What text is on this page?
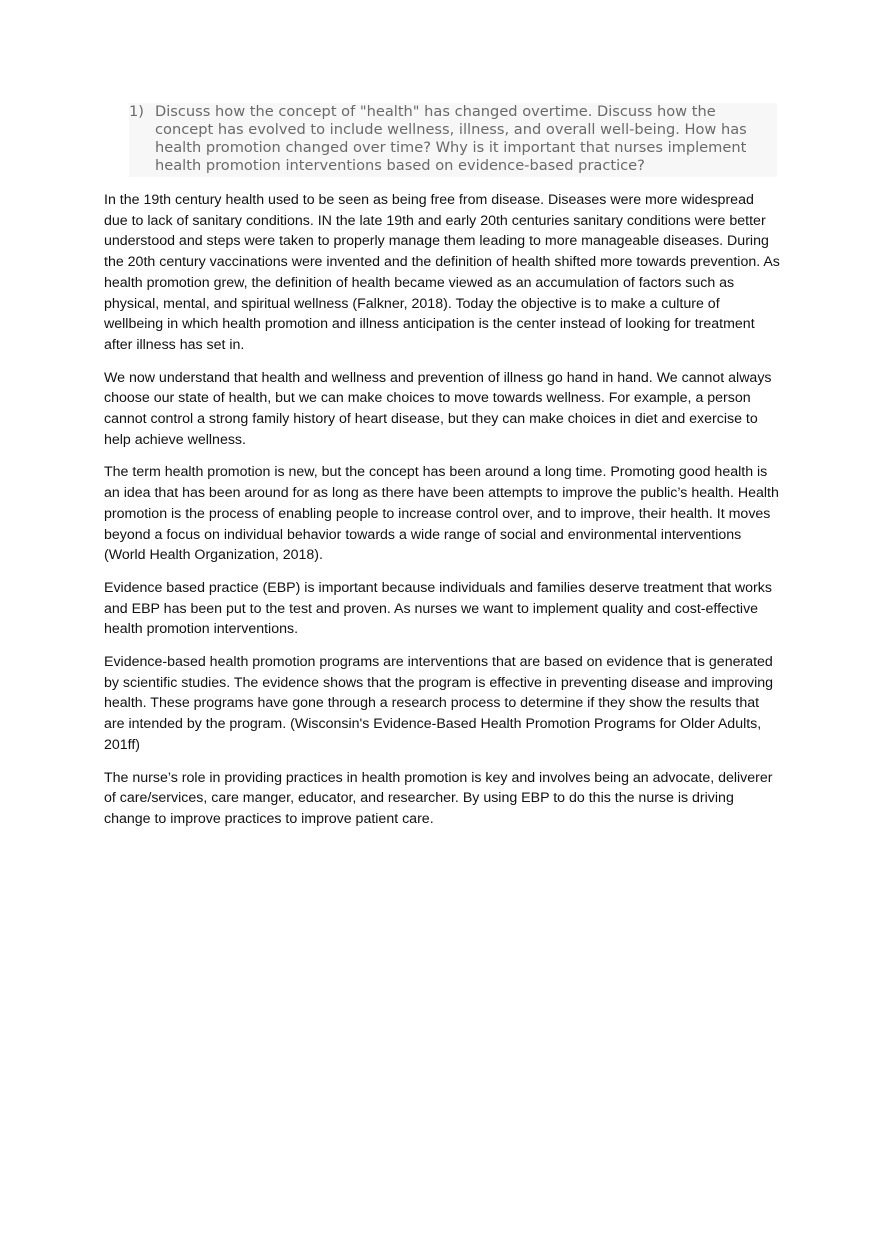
1) Discuss how the concept of "health" has changed overtime. Discuss how the concept has evolved to include wellness, illness, and overall well-being. How has health promotion changed over time? Why is it important that nurses implement health promotion interventions based on evidence-based practice?

In the 19th century health used to be seen as being free from disease. Diseases were more widespread due to lack of sanitary conditions. IN the late 19th and early 20th centuries sanitary conditions were better understood and steps were taken to properly manage them leading to more manageable diseases. During the 20th century vaccinations were invented and the definition of health shifted more towards prevention. As health promotion grew, the definition of health became viewed as an accumulation of factors such as physical, mental, and spiritual wellness (Falkner, 2018). Today the objective is to make a culture of wellbeing in which health promotion and illness anticipation is the center instead of looking for treatment after illness has set in.

We now understand that health and wellness and prevention of illness go hand in hand. We cannot always choose our state of health, but we can make choices to move towards wellness. For example, a person cannot control a strong family history of heart disease, but they can make choices in diet and exercise to help achieve wellness.

The term health promotion is new, but the concept has been around a long time. Promoting good health is an idea that has been around for as long as there have been attempts to improve the public’s health. Health promotion is the process of enabling people to increase control over, and to improve, their health. It moves beyond a focus on individual behavior towards a wide range of social and environmental interventions (World Health Organization, 2018).

Evidence based practice (EBP) is important because individuals and families deserve treatment that works and EBP has been put to the test and proven. As nurses we want to implement quality and cost-effective health promotion interventions.

Evidence-based health promotion programs are interventions that are based on evidence that is generated by scientific studies. The evidence shows that the program is effective in preventing disease and improving health. These programs have gone through a research process to determine if they show the results that are intended by the program. (Wisconsin's Evidence-Based Health Promotion Programs for Older Adults, 201ff)

The nurse’s role in providing practices in health promotion is key and involves being an advocate, deliverer of care/services, care manger, educator, and researcher. By using EBP to do this the nurse is driving change to improve practices to improve patient care.
